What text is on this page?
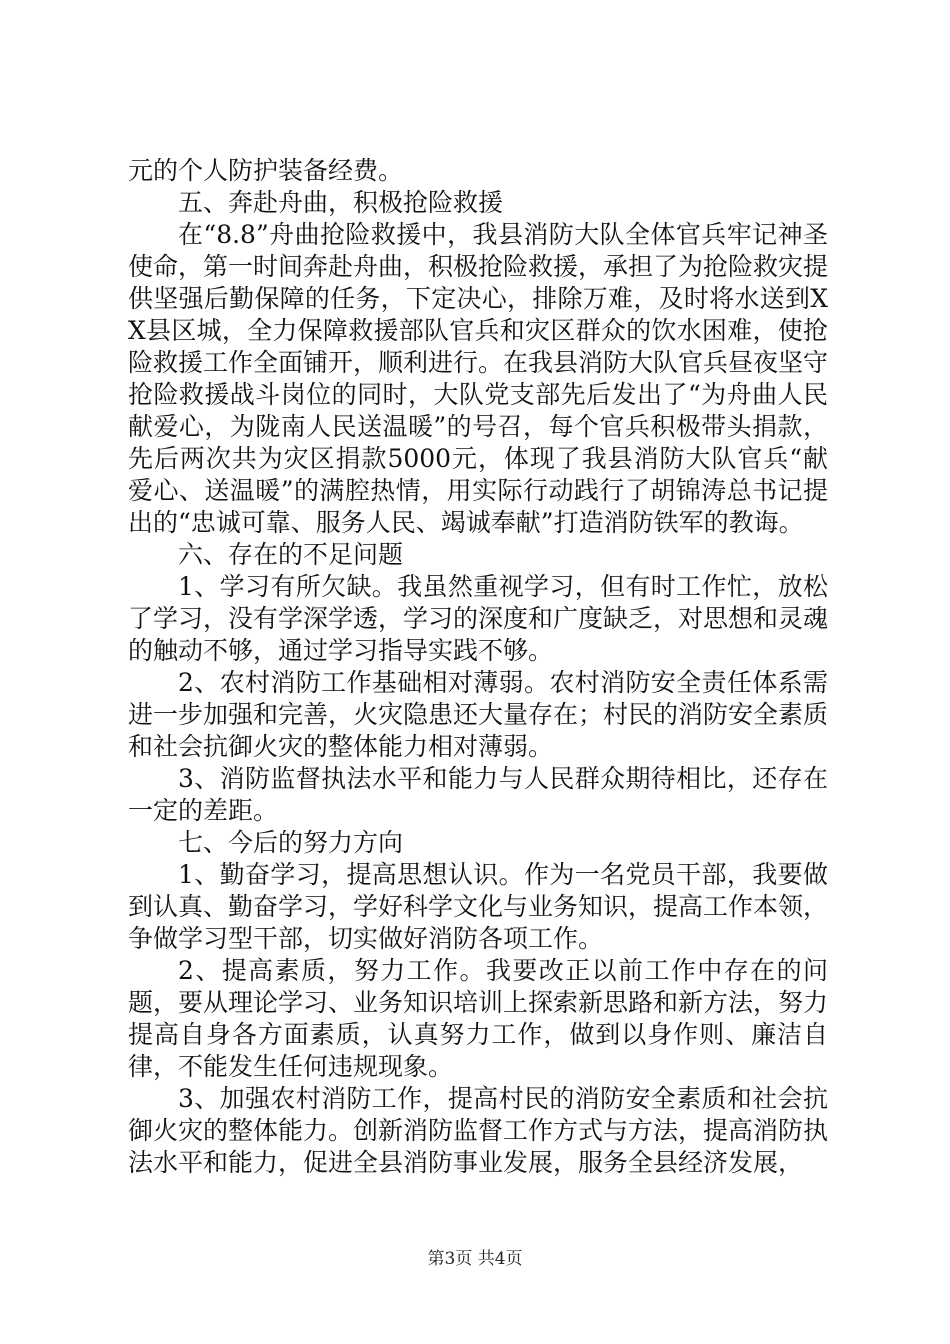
元的个人防护装备经费。

五、奔赴舟曲，积极抢险救援

在“8.8”舟曲抢险救援中，我县消防大队全体官兵牢记神圣使命，第一时间奔赴舟曲，积极抢险救援，承担了为抢险救灾提供坚强后勤保障的任务，下定决心，排除万难，及时将水送到XX县区城，全力保障救援部队官兵和灾区群众的饮水困难，使抢险救援工作全面铺开，顺利进行。在我县消防大队官兵昼夜坚守抢险救援战斗岗位的同时，大队党支部先后发出了“为舟曲人民献爱心，为陇南人民送温暖”的号召，每个官兵积极带头捐款，先后两次共为灾区捐款5000元，体现了我县消防大队官兵“献爱心、送温暖”的满腔热情，用实际行动践行了胡锦涛总书记提出的“忠诚可靠、服务人民、竭诚奉献”打造消防铁军的教诲。

六、存在的不足问题

1、学习有所欠缺。我虽然重视学习，但有时工作忙，放松了学习，没有学深学透，学习的深度和广度缺乏，对思想和灵魂的触动不够，通过学习指导实践不够。

2、农村消防工作基础相对薄弱。农村消防安全责任体系需进一步加强和完善，火灾隐患还大量存在；村民的消防安全素质和社会抗御火灾的整体能力相对薄弱。

3、消防监督执法水平和能力与人民群众期待相比，还存在一定的差距。

七、今后的努力方向

1、勤奋学习，提高思想认识。作为一名党员干部，我要做到认真、勤奋学习，学好科学文化与业务知识，提高工作本领，争做学习型干部，切实做好消防各项工作。

2、提高素质，努力工作。我要改正以前工作中存在的问题，要从理论学习、业务知识培训上探索新思路和新方法，努力提高自身各方面素质，认真努力工作，做到以身作则、廉洁自律，不能发生任何违规现象。

3、加强农村消防工作，提高村民的消防安全素质和社会抗御火灾的整体能力。创新消防监督工作方式与方法，提高消防执法水平和能力，促进全县消防事业发展，服务全县经济发展，

第3页 共4页
